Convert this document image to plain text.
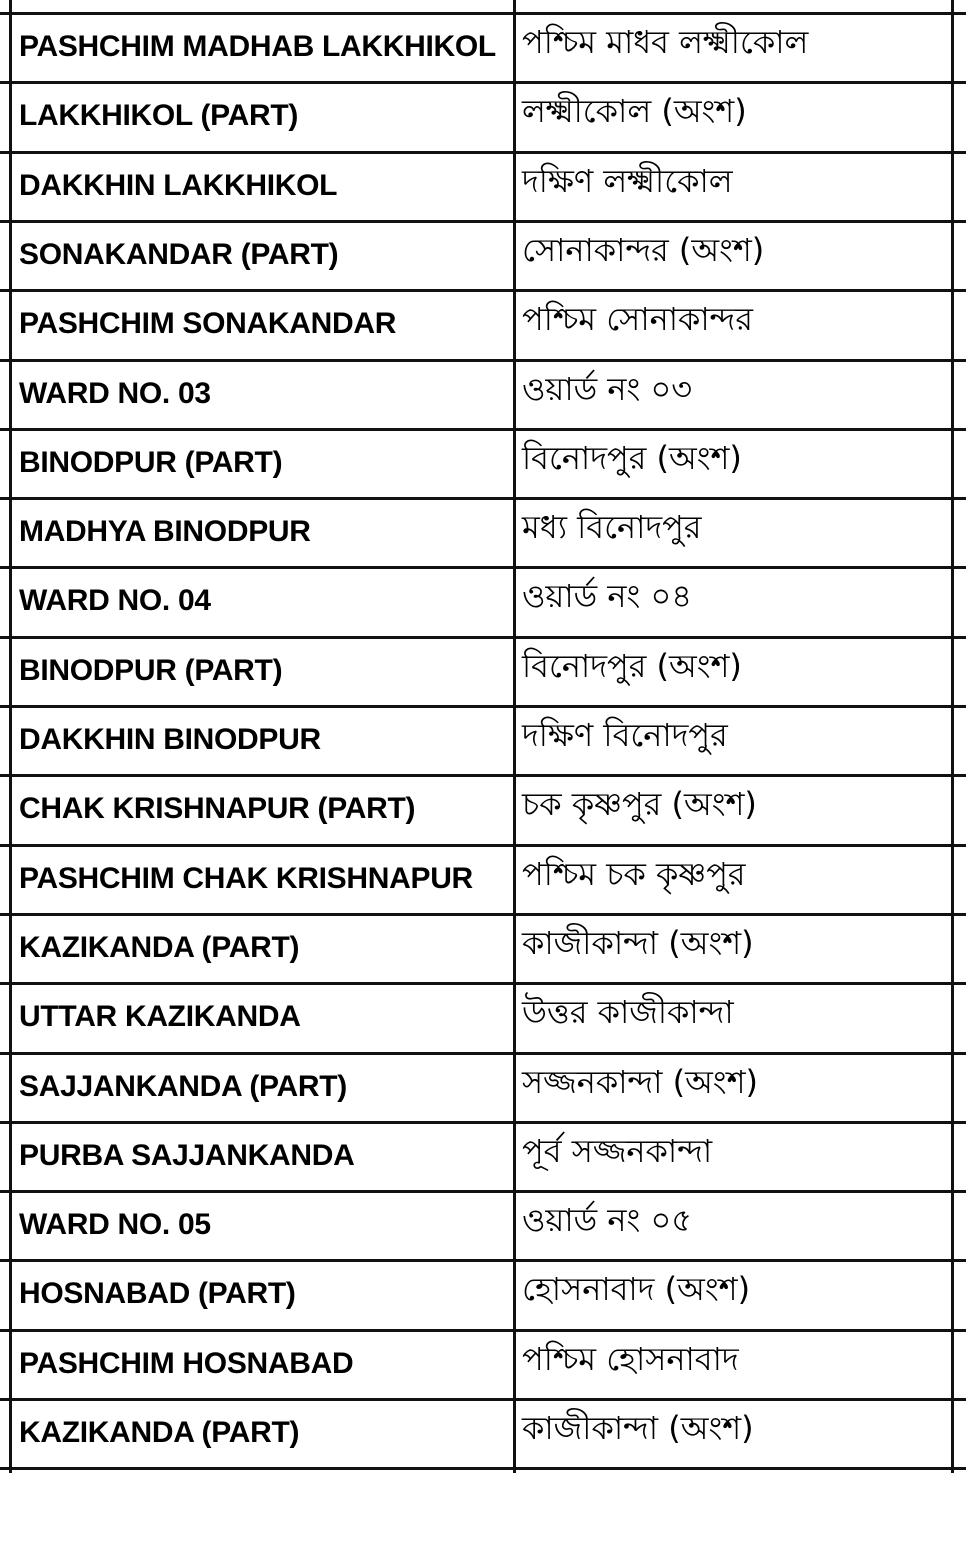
PASHCHIM MADHAB LAKKHIKOL পশ্চিম মাধব লক্ষ্মীকোল
LAKKHIKOL (PART)	লক্ষ্মীকোল (অংশ)
DAKKHIN LAKKHIKOL	দক্ষিণ লক্ষ্মীকোল
SONAKANDAR (PART)	সোনাকান্দর (অংশ)
PASHCHIM SONAKANDAR	পশ্চিম সোনাকান্দর
WARD NO. 03	ওয়ার্ড নং ০৩
BINODPUR (PART)	বিনোদপুর (অংশ)
MADHYA BINODPUR	মধ্য বিনোদপুর
WARD NO. 04	ওয়ার্ড নং ০৪
BINODPUR (PART)	বিনোদপুর (অংশ)
DAKKHIN BINODPUR	দক্ষিণ বিনোদপুর
CHAK KRISHNAPUR (PART)	চক কৃষ্ণপুর (অংশ)
PASHCHIM CHAK KRISHNAPUR	পশ্চিম চক কৃষ্ণপুর
KAZIKANDA (PART)	কাজীকান্দা (অংশ)
UTTAR KAZIKANDA	উত্তর কাজীকান্দা
SAJJANKANDA (PART)	সজ্জনকান্দা (অংশ)
PURBA SAJJANKANDA	পূর্ব সজ্জনকান্দা
WARD NO. 05	ওয়ার্ড নং ০৫
HOSNABAD (PART)	হোসনাবাদ (অংশ)
PASHCHIM HOSNABAD	পশ্চিম হোসনাবাদ
KAZIKANDA (PART)	কাজীকান্দা (অংশ)
